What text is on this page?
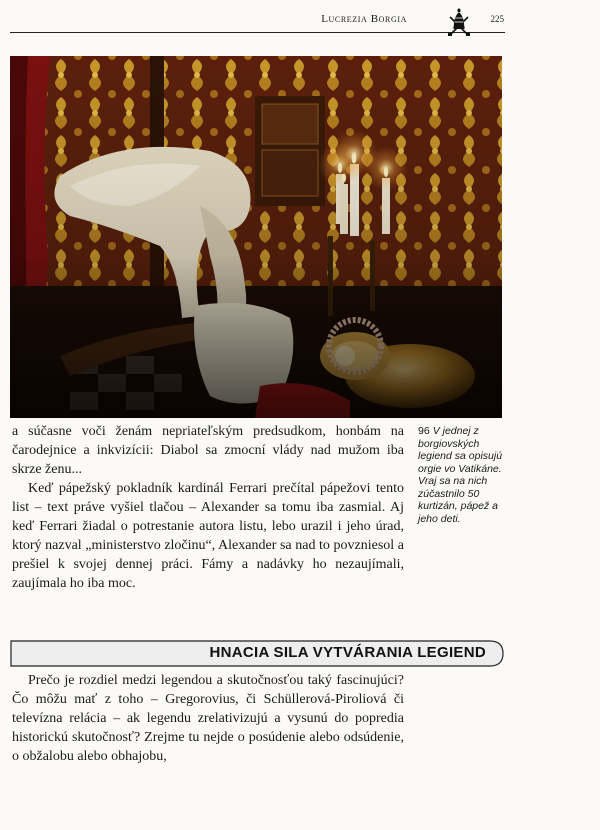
Lucrezia Borgia	225

a súčasne voči ženám nepriateľským predsudkom, honbám na čarodejnice a inkvizícii: Diabol sa zmocní vlády nad mužom iba skrze ženu...

Keď pápežský pokladník kardinál Ferrari prečítal pápežovi tento list – text práve vyšiel tlačou – Alexander sa tomu iba zasmial. Aj keď Ferrari žiadal o potrestanie autora listu, lebo urazil i jeho úrad, ktorý nazval „ministerstvo zločinu“, Alexander sa nad to povzniesol a prešiel k svojej dennej práci. Fámy a nadávky ho nezaujímali, zaujímala ho iba moc.

96 V jednej z borgiovských legiend sa opisujú orgie vo Vatikáne. Vraj sa na nich zúčastnilo 50 kurtizán, pápež a jeho deti.
HNACIA SILA VYTVÁRANIA LEGIEND

Prečo je rozdiel medzi legendou a skutočnosťou taký fascinujúci? Čo môžu mať z toho – Gregorovius, či Schüllerová-Piroliová či televízna relácia – ak legendu zrelativizujú a vysunú do popredia historickú skutočnosť? Zrejme tu nejde o posúdenie alebo odsúdenie, o obžalobu alebo obhajobu,
